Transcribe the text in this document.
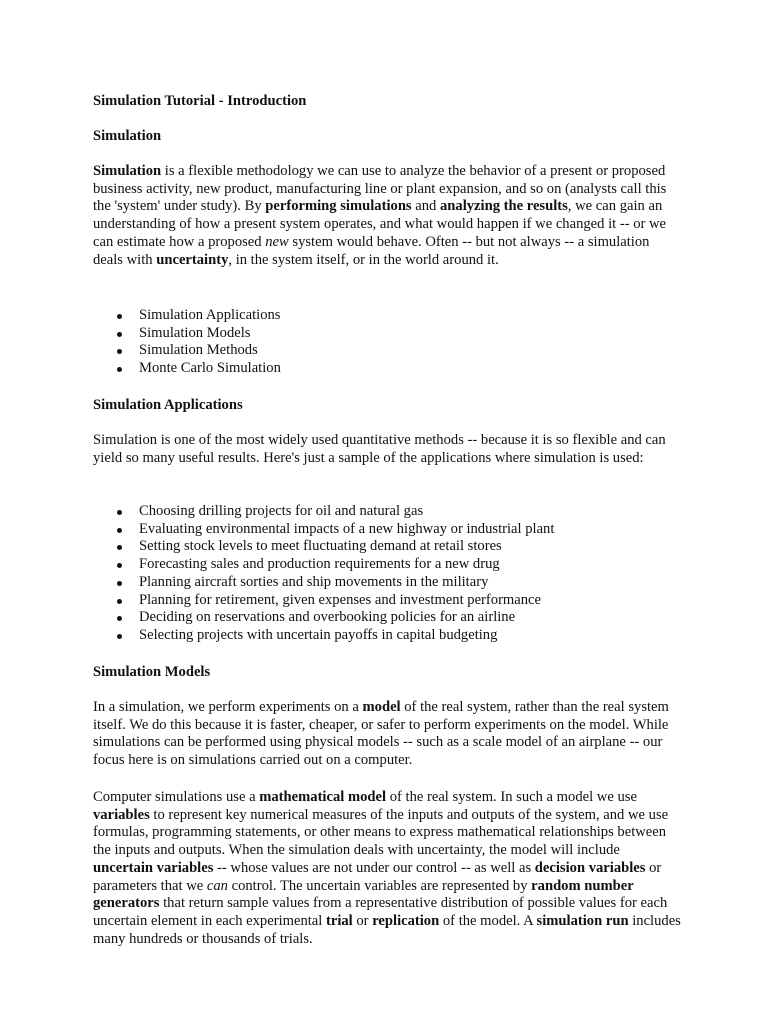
Simulation Tutorial - Introduction
Simulation

Simulation is a flexible methodology we can use to analyze the behavior of a present or proposed business activity, new product, manufacturing line or plant expansion, and so on (analysts call this the 'system' under study). By performing simulations and analyzing the results, we can gain an understanding of how a present system operates, and what would happen if we changed it -- or we can estimate how a proposed new system would behave. Often -- but not always -- a simulation deals with uncertainty, in the system itself, or in the world around it.

Simulation Applications
Simulation Models
Simulation Methods
Monte Carlo Simulation
Simulation Applications

Simulation is one of the most widely used quantitative methods -- because it is so flexible and can yield so many useful results. Here's just a sample of the applications where simulation is used:

Choosing drilling projects for oil and natural gas
Evaluating environmental impacts of a new highway or industrial plant
Setting stock levels to meet fluctuating demand at retail stores
Forecasting sales and production requirements for a new drug
Planning aircraft sorties and ship movements in the military
Planning for retirement, given expenses and investment performance
Deciding on reservations and overbooking policies for an airline
Selecting projects with uncertain payoffs in capital budgeting
Simulation Models

In a simulation, we perform experiments on a model of the real system, rather than the real system itself. We do this because it is faster, cheaper, or safer to perform experiments on the model. While simulations can be performed using physical models -- such as a scale model of an airplane -- our focus here is on simulations carried out on a computer.

Computer simulations use a mathematical model of the real system. In such a model we use variables to represent key numerical measures of the inputs and outputs of the system, and we use formulas, programming statements, or other means to express mathematical relationships between the inputs and outputs. When the simulation deals with uncertainty, the model will include uncertain variables -- whose values are not under our control -- as well as decision variables or parameters that we can control. The uncertain variables are represented by random number generators that return sample values from a representative distribution of possible values for each uncertain element in each experimental trial or replication of the model. A simulation run includes many hundreds or thousands of trials.
